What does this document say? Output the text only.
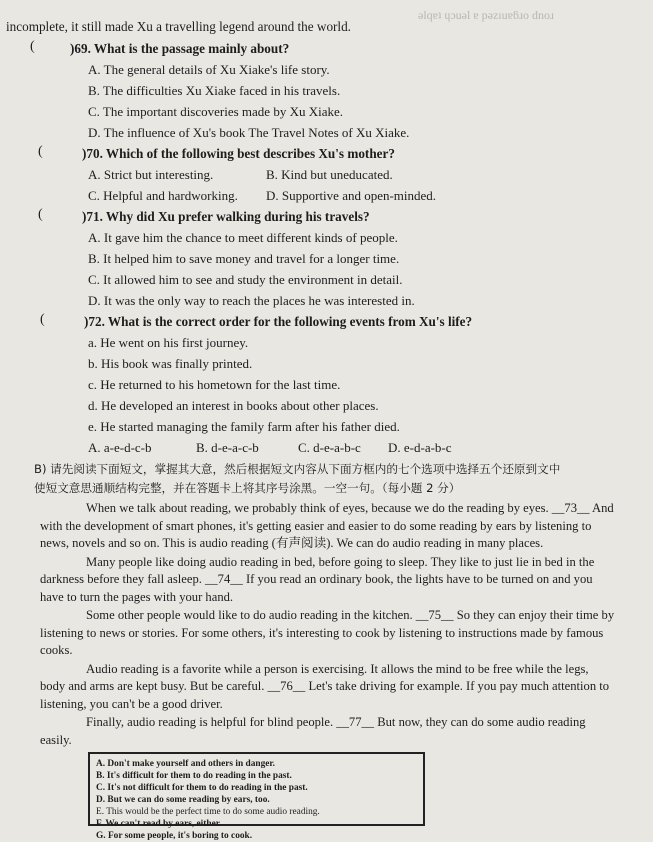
ǝlqɐʇ ɥɔuǝl ɐ pǝzıuɐƃɹo dnoɹ
incomplete, it still made Xu a travelling legend around the world.
(	)69. What is the passage mainly about?
A. The general details of Xu Xiake's life story.
B. The difficulties Xu Xiake faced in his travels.
C. The important discoveries made by Xu Xiake.
D. The influence of Xu's book The Travel Notes of Xu Xiake.
(	)70. Which of the following best describes Xu's mother?
A. Strict but interesting.	B. Kind but uneducated.
C. Helpful and hardworking. D. Supportive and open-minded.
(	)71. Why did Xu prefer walking during his travels?
A. It gave him the chance to meet different kinds of people.
B. It helped him to save money and travel for a longer time.
C. It allowed him to see and study the environment in detail.
D. It was the only way to reach the places he was interested in.
(	)72. What is the correct order for the following events from Xu's life?
a. He went on his first journey.
b. His book was finally printed.
c. He returned to his hometown for the last time.
d. He developed an interest in books about other places.
e. He started managing the family farm after his father died.
A. a-e-d-c-b	B. d-e-a-c-b	C. d-e-a-b-c D. e-d-a-b-c
B) 请先阅读下面短文，掌握其大意，然后根据短文内容从下面方框内的七个选项中选择五个还原到文中
使短文意思通顺结构完整，并在答题卡上将其序号涂黑。一空一句。（每小题 2 分）
When we talk about reading, we probably think of eyes, because we do the reading by eyes. __73__ And with the development of smart phones, it's getting easier and easier to do some reading by ears by listening to news, novels and so on. This is audio reading (有声阅读). We can do audio reading in many places.
Many people like doing audio reading in bed, before going to sleep. They like to just lie in bed in the darkness before they fall asleep. __74__ If you read an ordinary book, the lights have to be turned on and you have to turn the pages with your hand.
Some other people would like to do audio reading in the kitchen. __75__ So they can enjoy their time by listening to news or stories. For some others, it's interesting to cook by listening to instructions made by famous cooks.
Audio reading is a favorite while a person is exercising. It allows the mind to be free while the legs, body and arms are kept busy. But be careful. __76__ Let's take driving for example. If you pay much attention to listening, you can't be a good driver.
Finally, audio reading is helpful for blind people. __77__ But now, they can do some audio reading easily.
A. Don't make yourself and others in danger.
B. It's difficult for them to do reading in the past.
C. It's not difficult for them to do reading in the past.
D. But we can do some reading by ears, too.
E. This would be the perfect time to do some audio reading.
F. We can't read by ears, either.
G. For some people, it's boring to cook.
